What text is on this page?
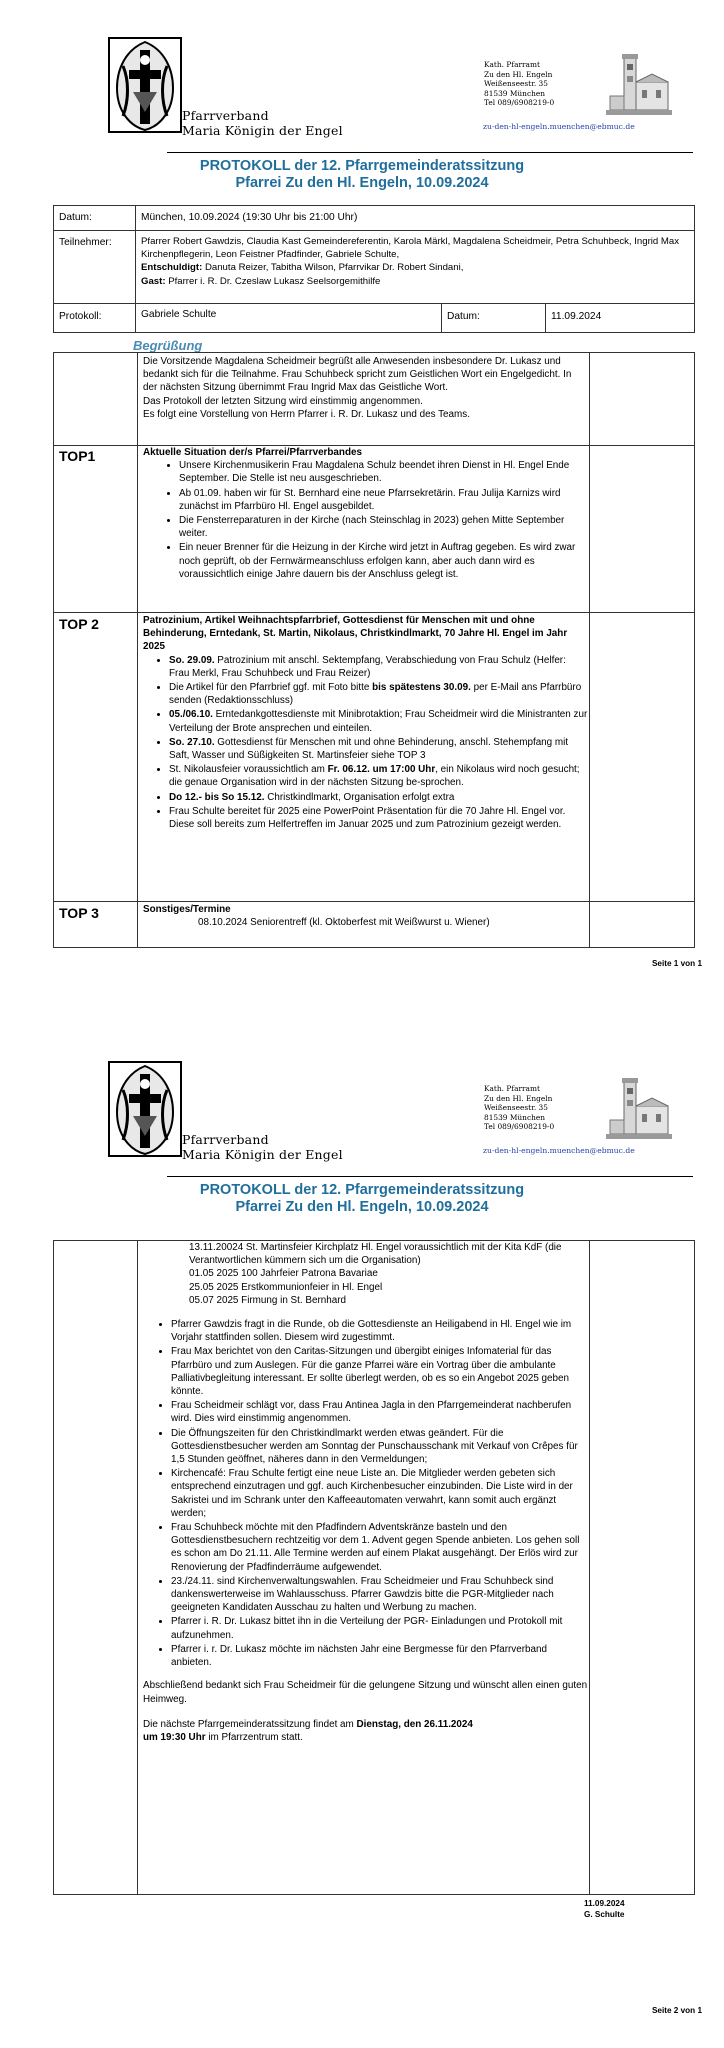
Pfarrverband
Maria Königin der Engel
Kath. Pfarramt
Zu den Hl. Engeln
Weißenseestr. 35
81539 München
Tel 089/6908219-0
zu-den-hl-engeln.muenchen@ebmuc.de
PROTOKOLL der 12. Pfarrgemeinderatssitzung
Pfarrei Zu den Hl. Engeln, 10.09.2024
Datum:	München, 10.09.2024 (19:30 Uhr bis 21:00 Uhr)
Teilnehmer:	Pfarrer Robert Gawdzis, Claudia Kast Gemeindereferentin, Karola Märkl, Magdalena Scheidmeir, Petra Schuhbeck, Ingrid Max Kirchenpflegerin, Leon Feistner Pfadfinder, Gabriele Schulte,
Entschuldigt: Danuta Reizer, Tabitha Wilson, Pfarrvikar Dr. Robert Sindani,
Gast: Pfarrer i. R. Dr. Czeslaw Lukasz Seelsorgemithilfe
Protokoll:	Gabriele Schulte	Datum:	11.09.2024
Begrüßung

Die Vorsitzende Magdalena Scheidmeir begrüßt alle Anwesenden insbesondere Dr. Lukasz und bedankt sich für die Teilnahme. Frau Schuhbeck spricht zum Geistlichen Wort ein Engelgedicht. In der nächsten Sitzung übernimmt Frau Ingrid Max das Geistliche Wort.

Das Protokoll der letzten Sitzung wird einstimmig angenommen.

Es folgt eine Vorstellung von Herrn Pfarrer i. R. Dr. Lukasz und des Teams.

TOP1	Aktuelle Situation der/s Pfarrei/Pfarrverbandes
• Unsere Kirchenmusikerin Frau Magdalena Schulz beendet ihren Dienst in Hl. Engel Ende September. Die Stelle ist neu ausgeschrieben.
• Ab 01.09. haben wir für St. Bernhard eine neue Pfarrsekretärin. Frau Julija Karnizs wird zunächst im Pfarrbüro Hl. Engel ausgebildet.
• Die Fensterreparaturen in der Kirche (nach Steinschlag in 2023) gehen Mitte September weiter.
• Ein neuer Brenner für die Heizung in der Kirche wird jetzt in Auftrag gegeben. Es wird zwar noch geprüft, ob der Fernwärmeanschluss erfolgen kann, aber auch dann wird es voraussichtlich einige Jahre dauern bis der Anschluss gelegt ist.
TOP 2	Patrozinium, Artikel Weihnachtspfarrbrief, Gottesdienst für Menschen mit und ohne Behinderung, Erntedank, St. Martin, Nikolaus, Christkindlmarkt, 70 Jahre Hl. Engel im Jahr 2025
• So. 29.09. Patrozinium mit anschl. Sektempfang, Verabschiedung von Frau Schulz (Helfer: Frau Merkl, Frau Schuhbeck und Frau Reizer)
• Die Artikel für den Pfarrbrief ggf. mit Foto bitte bis spätestens 30.09. per E-Mail ans Pfarrbüro senden (Redaktionsschluss)
• 05./06.10. Erntedankgottesdienste mit Minibrotaktion; Frau Scheidmeir wird die Ministranten zur Verteilung der Brote ansprechen und einteilen.
• So. 27.10. Gottesdienst für Menschen mit und ohne Behinderung, anschl. Stehempfang mit Saft, Wasser und Süßigkeiten St. Martinsfeier siehe TOP 3
• St. Nikolausfeier voraussichtlich am Fr. 06.12. um 17:00 Uhr, ein Nikolaus wird noch gesucht; die genaue Organisation wird in der nächsten Sitzung be-sprochen.
• Do 12.- bis So 15.12. Christkindlmarkt, Organisation erfolgt extra
• Frau Schulte bereitet für 2025 eine PowerPoint Präsentation für die 70 Jahre Hl. Engel vor. Diese soll bereits zum Helfertreffen im Januar 2025 und zum Patrozinium gezeigt werden.
TOP 3	Sonstiges/Termine
08.10.2024 Seniorentreff (kl. Oktoberfest mit Weißwurst u. Wiener)
Seite 1 von 1
Pfarrverband
Maria Königin der Engel
Kath. Pfarramt
Zu den Hl. Engeln
Weißenseestr. 35
81539 München
Tel 089/6908219-0
zu-den-hl-engeln.muenchen@ebmuc.de
PROTOKOLL der 12. Pfarrgemeinderatssitzung
Pfarrei Zu den Hl. Engeln, 10.09.2024
13.11.20024 St. Martinsfeier Kirchplatz Hl. Engel voraussichtlich mit der Kita KdF (die Verantwortlichen kümmern sich um die Organisation)
01.05 2025 100 Jahrfeier Patrona Bavariae
25.05 2025 Erstkommunionfeier in Hl. Engel
05.07 2025 Firmung in St. Bernhard
• Pfarrer Gawdzis fragt in die Runde, ob die Gottesdienste an Heiligabend in Hl. Engel wie im Vorjahr stattfinden sollen. Diesem wird zugestimmt.
• Frau Max berichtet von den Caritas-Sitzungen und übergibt einiges Infomaterial für das Pfarrbüro und zum Auslegen. Für die ganze Pfarrei wäre ein Vortrag über die ambulante Palliativbegleitung interessant. Er sollte überlegt werden, ob es so ein Angebot 2025 geben könnte.
• Frau Scheidmeir schlägt vor, dass Frau Antinea Jagla in den Pfarrgemeinderat nachberufen wird. Dies wird einstimmig angenommen.
• Die Öffnungszeiten für den Christkindlmarkt werden etwas geändert. Für die Gottesdienstbesucher werden am Sonntag der Punschausschank mit Verkauf von Crêpes für 1,5 Stunden geöffnet, näheres dann in den Vermeldungen;
• Kirchencafé: Frau Schulte fertigt eine neue Liste an. Die Mitglieder werden gebeten sich entsprechend einzutragen und ggf. auch Kirchenbesucher einzubinden. Die Liste wird in der Sakristei und im Schrank unter den Kaffeeautomaten verwahrt, kann somit auch ergänzt werden;
• Frau Schuhbeck möchte mit den Pfadfindern Adventskränze basteln und den Gottesdienstbesuchern rechtzeitig vor dem 1. Advent gegen Spende anbieten. Los gehen soll es schon am Do 21.11. Alle Termine werden auf einem Plakat ausgehängt. Der Erlös wird zur Renovierung der Pfadfinderräume aufgewendet.
• 23./24.11. sind Kirchenverwaltungswahlen. Frau Scheidmeier und Frau Schuhbeck sind dankenswerterweise im Wahlausschuss. Pfarrer Gawdzis bitte die PGR-Mitglieder nach geeigneten Kandidaten Ausschau zu halten und Werbung zu machen.
• Pfarrer i. R. Dr. Lukasz bittet ihn in die Verteilung der PGR- Einladungen und Protokoll mit aufzunehmen.
• Pfarrer i. r. Dr. Lukasz möchte im nächsten Jahr eine Bergmesse für den Pfarrverband anbieten.

Abschließend bedankt sich Frau Scheidmeir für die gelungene Sitzung und wünscht allen einen guten Heimweg.

Die nächste Pfarrgemeinderatssitzung findet am Dienstag, den 26.11.2024
um 19:30 Uhr im Pfarrzentrum statt.

11.09.2024
G. Schulte
Seite 2 von 1
